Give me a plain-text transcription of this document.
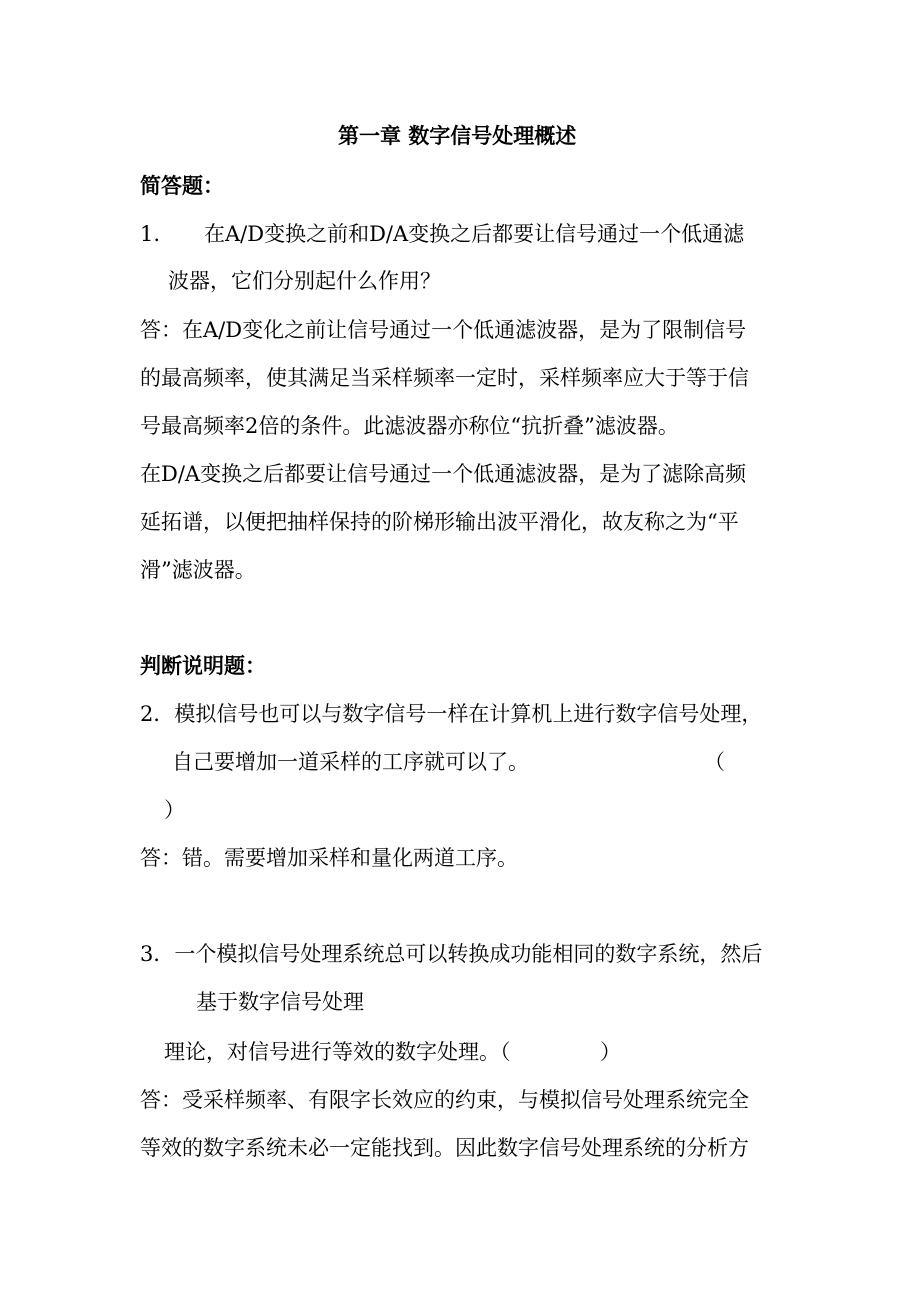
第一章 数字信号处理概述
简答题：
1. 在A/D变换之前和D/A变换之后都要让信号通过一个低通滤
波器，它们分别起什么作用？
答：在A/D变化之前让信号通过一个低通滤波器，是为了限制信号
的最高频率，使其满足当采样频率一定时，采样频率应大于等于信
号最高频率2倍的条件。此滤波器亦称位“抗折叠”滤波器。
在D/A变换之后都要让信号通过一个低通滤波器，是为了滤除高频
延拓谱，以便把抽样保持的阶梯形输出波平滑化，故友称之为“平
滑”滤波器。
判断说明题：
2．模拟信号也可以与数字信号一样在计算机上进行数字信号处理，
自己要增加一道采样的工序就可以了。	（
）
答：错。需要增加采样和量化两道工序。
3．一个模拟信号处理系统总可以转换成功能相同的数字系统，然后
基于数字信号处理
理论，对信号进行等效的数字处理。（	）
答：受采样频率、有限字长效应的约束，与模拟信号处理系统完全
等效的数字系统未必一定能找到。因此数字信号处理系统的分析方
